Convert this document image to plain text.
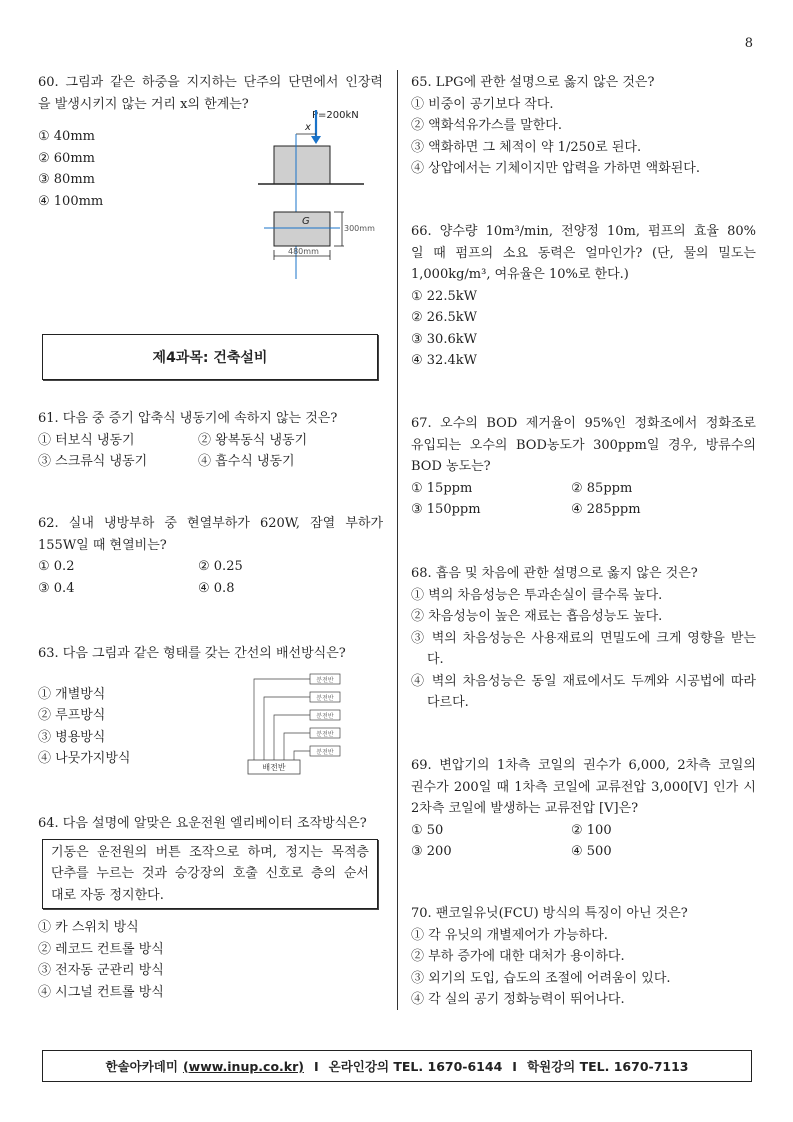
8
60. 그림과 같은 하중을 지지하는 단주의 단면에서 인장력
을 발생시키지 않는 거리 x의 한계는?
① 40mm
② 60mm
③ 80mm
④ 100mm
P=200kN
x
G
300mm
480mm
61. 다음 중 증기 압축식 냉동기에 속하지 않는 것은?
① 터보식 냉동기	② 왕복동식 냉동기
③ 스크류식 냉동기	④ 흡수식 냉동기
62. 실내 냉방부하 중 현열부하가 620W, 잠열 부하가
155W일 때 현열비는?
① 0.2	② 0.25
③ 0.4	④ 0.8
63. 다음 그림과 같은 형태를 갖는 간선의 배선방식은?
① 개별방식
② 루프방식
③ 병용방식
④ 나뭇가지방식
분전반
분전반
분전반
분전반
분전반
배전반
64. 다음 설명에 알맞은 요운전원 엘리베이터 조작방식은?
기동은 운전원의 버튼 조작으로 하며, 정지는 목적층
단추를 누르는 것과 승강장의 호출 신호로 층의 순서
대로 자동 정지한다.
① 카 스위치 방식
② 레코드 컨트롤 방식
③ 전자동 군관리 방식
④ 시그널 컨트롤 방식
제4과목: 건축설비
65. LPG에 관한 설명으로 옳지 않은 것은?
① 비중이 공기보다 작다.
② 액화석유가스를 말한다.
③ 액화하면 그 체적이 약 1/250로 된다.
④ 상압에서는 기체이지만 압력을 가하면 액화된다.
66. 양수량 10m³/min, 전양정 10m, 펌프의 효율 80%
일 때 펌프의 소요 동력은 얼마인가? (단, 물의 밀도는
1,000kg/m³, 여유율은 10%로 한다.)
① 22.5kW
② 26.5kW
③ 30.6kW
④ 32.4kW
67. 오수의 BOD 제거율이 95%인 정화조에서 정화조로
유입되는 오수의 BOD농도가 300ppm일 경우, 방류수의
BOD 농도는?
① 15ppm	② 85ppm
③ 150ppm	④ 285ppm
68. 흡음 및 차음에 관한 설명으로 옳지 않은 것은?
① 벽의 차음성능은 투과손실이 클수록 높다.
② 차음성능이 높은 재료는 흡음성능도 높다.
③ 벽의 차음성능은 사용재료의 면밀도에 크게 영향을 받는다.
④ 벽의 차음성능은 동일 재료에서도 두께와 시공법에 따라 다르다.
69. 변압기의 1차측 코일의 권수가 6,000, 2차측 코일의
권수가 200일 때 1차측 코일에 교류전압 3,000[V] 인가 시
2차측 코일에 발생하는 교류전압 [V]은?
① 50	② 100
③ 200	④ 500
70. 팬코일유닛(FCU) 방식의 특징이 아닌 것은?
① 각 유닛의 개별제어가 가능하다.
② 부하 증가에 대한 대처가 용이하다.
③ 외기의 도입, 습도의 조절에 어려움이 있다.
④ 각 실의 공기 정화능력이 뛰어나다.
한솔아카데미 (www.inup.co.kr) I 온라인강의 TEL. 1670-6144 I 학원강의 TEL. 1670-7113
